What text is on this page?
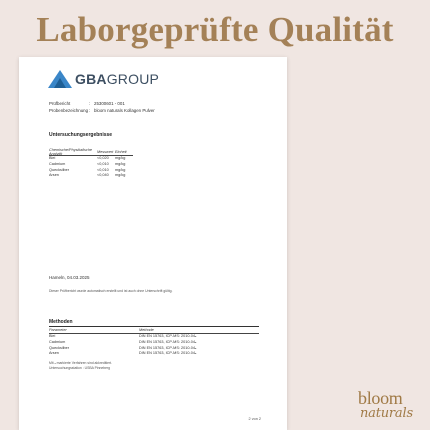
Laborgeprüfte Qualität
GBAGROUP
Prüfbericht	: 25300601 - 001
Probenbezeichnung : bloom naturals Kollagen Pulver
Untersuchungsergebnisse
Chemische/Physikalische Analytik	Messwert Einheit
Blei	<0,020	mg/kg
Cadmium	<0,010	mg/kg
Quecksilber	<0,010	mg/kg
Arsen	<0,040	mg/kg
Hameln, 04.03.2025
Dieser Prüfbericht wurde automatisch erstellt und ist auch ohne Unterschrift gültig.
Methoden
Parameter	Methode
Blei	DIN EN 15763, ICP-MS: 2010-04ₐ
Cadmium	DIN EN 15763, ICP-MS: 2010-04ₐ
Quecksilber	DIN EN 15763, ICP-MS: 2010-04ₐ
Arsen	DIN EN 15763, ICP-MS: 2010-04ₐ
Mit ₐ markierte Verfahren sind akkreditiert.
Untersuchungsstation : USBA Pinneberg
2 von 2
bloom
naturals
